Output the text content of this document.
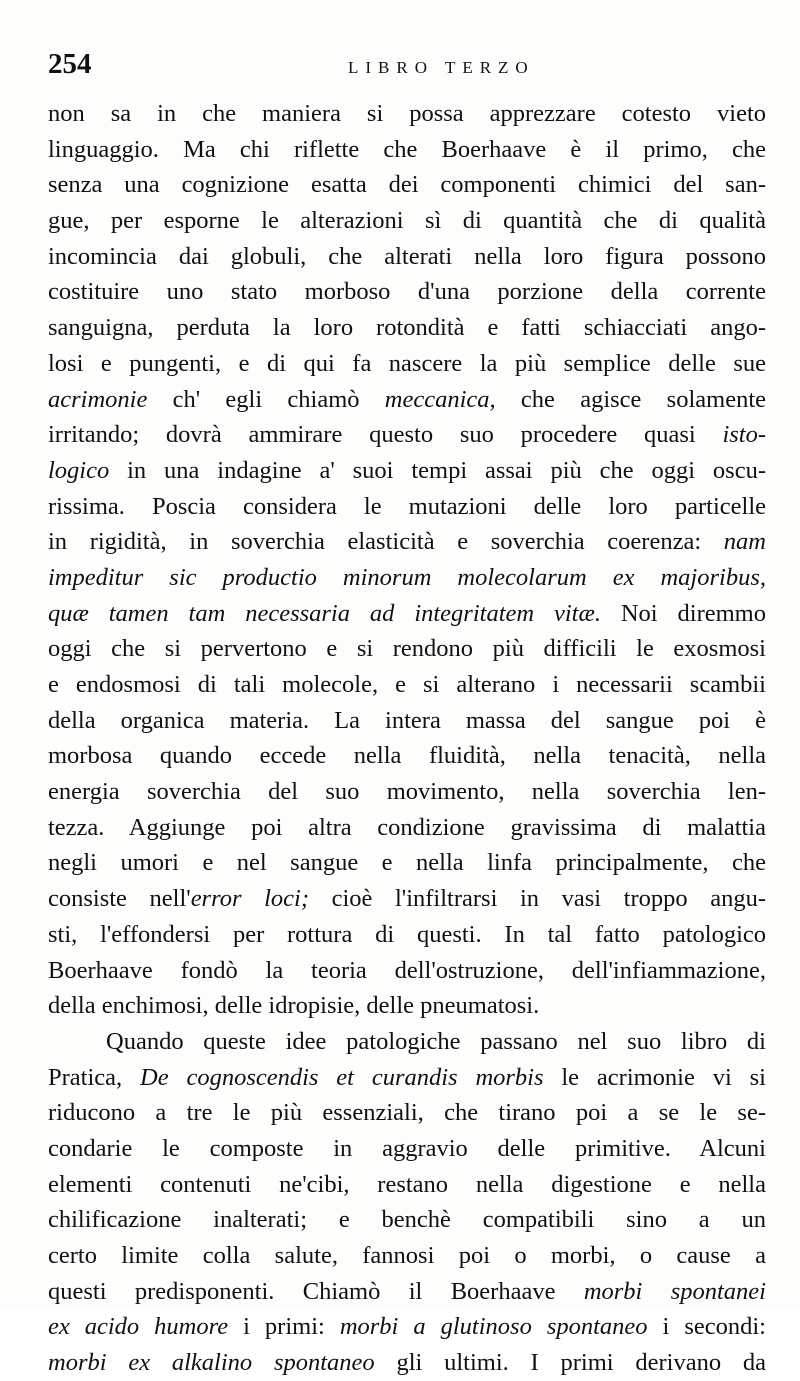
254	LIBRO TERZO
non sa in che maniera si possa apprezzare cotesto vieto
linguaggio. Ma chi riflette che Boerhaave è il primo, che
senza una cognizione esatta dei componenti chimici del san-
gue, per esporne le alterazioni sì di quantità che di qualità
incomincia dai globuli, che alterati nella loro figura possono
costituire uno stato morboso d'una porzione della corrente
sanguigna, perduta la loro rotondità e fatti schiacciati ango-
losi e pungenti, e di qui fa nascere la più semplice delle sue
acrimonie ch' egli chiamò meccanica, che agisce solamente
irritando; dovrà ammirare questo suo procedere quasi isto-
logico in una indagine a' suoi tempi assai più che oggi oscu-
rissima. Poscia considera le mutazioni delle loro particelle
in rigidità, in soverchia elasticità e soverchia coerenza: nam
impeditur sic productio minorum molecolarum ex majoribus,
quæ tamen tam necessaria ad integritatem vitæ. Noi diremmo
oggi che si pervertono e si rendono più difficili le exosmosi
e endosmosi di tali molecole, e si alterano i necessarii scambii
della organica materia. La intera massa del sangue poi è
morbosa quando eccede nella fluidità, nella tenacità, nella
energia soverchia del suo movimento, nella soverchia len-
tezza. Aggiunge poi altra condizione gravissima di malattia
negli umori e nel sangue e nella linfa principalmente, che
consiste nell'error loci; cioè l'infiltrarsi in vasi troppo angu-
sti, l'effondersi per rottura di questi. In tal fatto patologico
Boerhaave fondò la teoria dell'ostruzione, dell'infiammazione,
della enchimosi, delle idropisie, delle pneumatosi.
Quando queste idee patologiche passano nel suo libro di
Pratica, De cognoscendis et curandis morbis le acrimonie vi si
riducono a tre le più essenziali, che tirano poi a se le se-
condarie le composte in aggravio delle primitive. Alcuni
elementi contenuti ne'cibi, restano nella digestione e nella
chilificazione inalterati; e benchè compatibili sino a un
certo limite colla salute, fannosi poi o morbi, o cause a
questi predisponenti. Chiamò il Boerhaave morbi spontanei
ex acido humore i primi: morbi a glutinoso spontaneo i secondi:
morbi ex alkalino spontaneo gli ultimi. I primi derivano da
